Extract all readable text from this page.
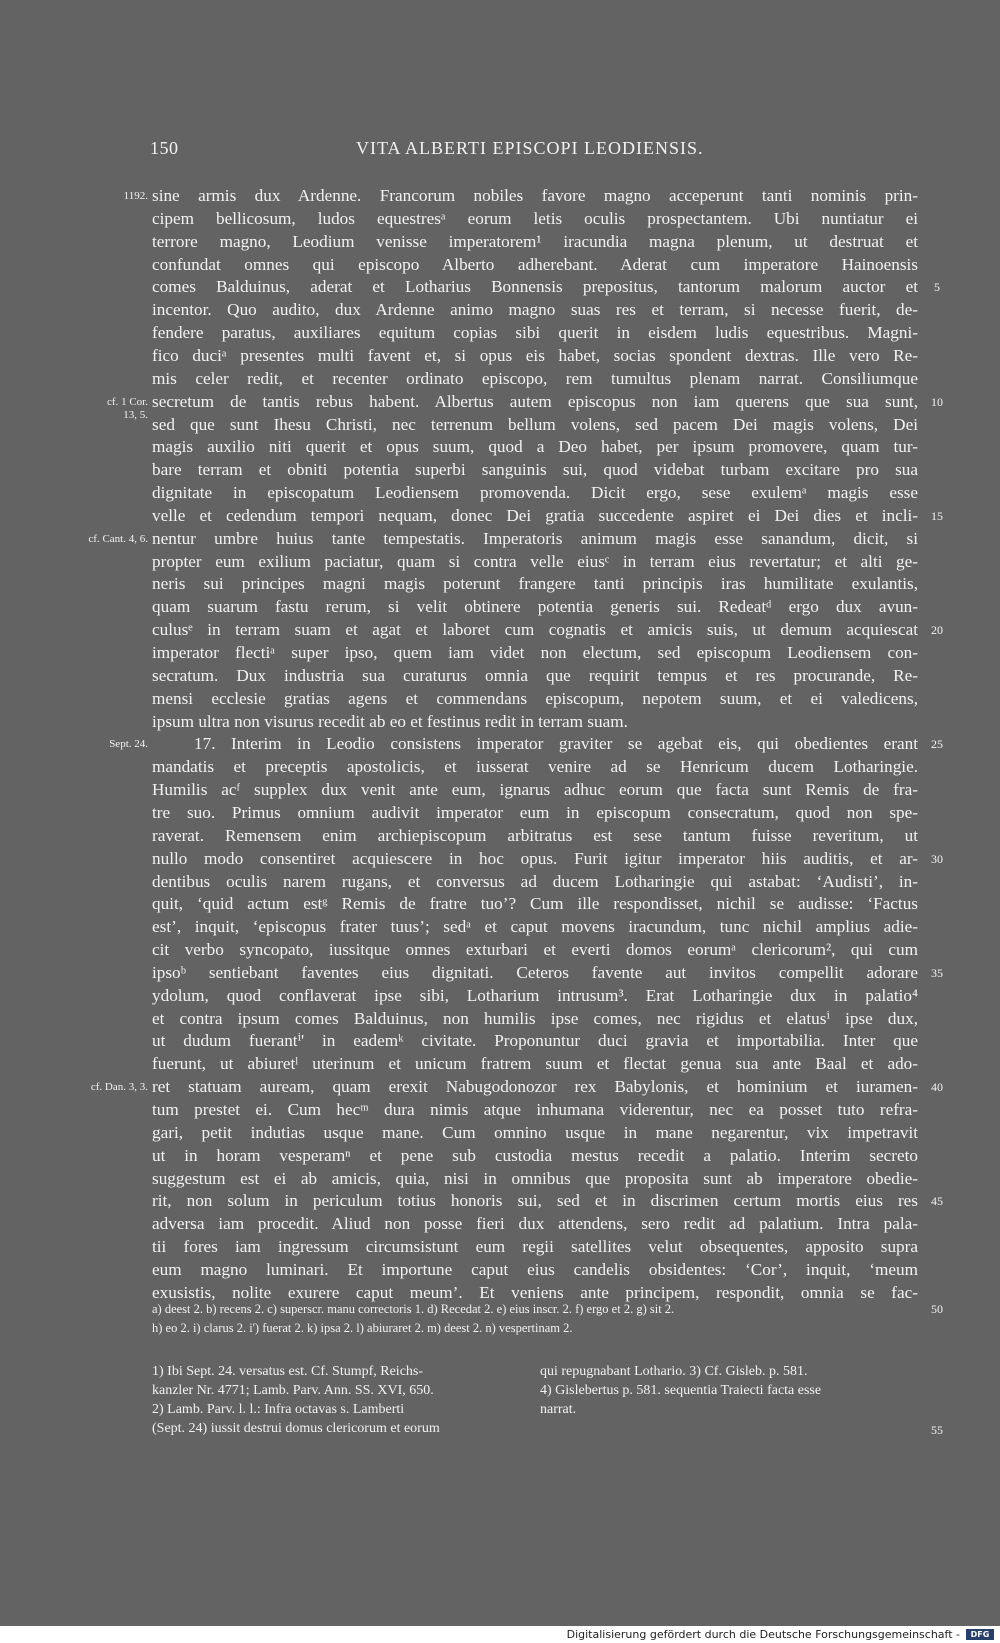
150	VITA ALBERTI EPISCOPI LEODIENSIS.
sine armis dux Ardenne. Francorum nobiles favore magno acceperunt tanti nominis prin-
cipem bellicosum, ludos equestresᵃ eorum letis oculis prospectantem. Ubi nuntiatur ei
terrore magno, Leodium venisse imperatorem¹ iracundia magna plenum, ut destruat et
confundat omnes qui episcopo Alberto adherebant. Aderat cum imperatore Hainoensis
comes Balduinus, aderat et Lotharius Bonnensis prepositus, tantorum malorum auctor et
incentor. Quo audito, dux Ardenne animo magno suas res et terram, si necesse fuerit, de-
fendere paratus, auxiliares equitum copias sibi querit in eisdem ludis equestribus. Magni-
fico duciᵃ presentes multi favent et, si opus eis habet, socias spondent dextras. Ille vero Re-
mis celer redit, et recenter ordinato episcopo, rem tumultus plenam narrat. Consiliumque
secretum de tantis rebus habent. Albertus autem episcopus non iam querens que sua sunt,
sed que sunt Ihesu Christi, nec terrenum bellum volens, sed pacem Dei magis volens, Dei
magis auxilio niti querit et opus suum, quod a Deo habet, per ipsum promovere, quam tur-
bare terram et obniti potentia superbi sanguinis sui, quod videbat turbam excitare pro sua
dignitate in episcopatum Leodiensem promovenda. Dicit ergo, sese exulemᵃ magis esse
velle et cedendum tempori nequam, donec Dei gratia succedente aspiret ei Dei dies et incli-
nentur umbre huius tante tempestatis. Imperatoris animum magis esse sanandum, dicit, si
propter eum exilium paciatur, quam si contra velle eiusᶜ in terram eius revertatur; et alti ge-
neris sui principes magni magis poterunt frangere tanti principis iras humilitate exulantis,
quam suarum fastu rerum, si velit obtinere potentia generis sui. Redeatᵈ ergo dux avun-
culusᵉ in terram suam et agat et laboret cum cognatis et amicis suis, ut demum acquiescat
imperator flectiᵃ super ipso, quem iam videt non electum, sed episcopum Leodiensem con-
secratum. Dux industria sua curaturus omnia que requirit tempus et res procurande, Re-
mensi ecclesie gratias agens et commendans episcopum, nepotem suum, et ei valedicens,
ipsum ultra non visurus recedit ab eo et festinus redit in terram suam.
17. Interim in Leodio consistens imperator graviter se agebat eis, qui obedientes erant
mandatis et preceptis apostolicis, et iusserat venire ad se Henricum ducem Lotharingie.
Humilis acᶠ supplex dux venit ante eum, ignarus adhuc eorum que facta sunt Remis de fra-
tre suo. Primus omnium audivit imperator eum in episcopum consecratum, quod non spe-
raverat. Remensem enim archiepiscopum arbitratus est sese tantum fuisse reveritum, ut
nullo modo consentiret acquiescere in hoc opus. Furit igitur imperator hiis auditis, et ar-
dentibus oculis narem rugans, et conversus ad ducem Lotharingie qui astabat: ‘Audisti’, in-
quit, ‘quid actum estᵍ Remis de fratre tuo’? Cum ille respondisset, nichil se audisse: ‘Factus
est’, inquit, ‘episcopus frater tuus’; sedᵃ et caput movens iracundum, tunc nichil amplius adie-
cit verbo syncopato, iussitque omnes exturbari et everti domos eorumᵃ clericorum², qui cum
ipsoᵇ sentiebant faventes eius dignitati. Ceteros favente aut invitos compellit adorare
ydolum, quod conflaverat ipse sibi, Lotharium intrusum³. Erat Lotharingie dux in palatio⁴
et contra ipsum comes Balduinus, non humilis ipse comes, nec rigidus et elatusⁱ ipse dux,
ut dudum fuerantⁱ' in eademᵏ civitate. Proponuntur duci gravia et importabilia. Inter que
fuerunt, ut abiuretˡ uterinum et unicum fratrem suum et flectat genua sua ante Baal et ado-
ret statuam auream, quam erexit Nabugodonozor rex Babylonis, et hominium et iuramen-
tum prestet ei. Cum hecᵐ dura nimis atque inhumana viderentur, nec ea posset tuto refra-
gari, petit indutias usque mane. Cum omnino usque in mane negarentur, vix impetravit
ut in horam vesperamⁿ et pene sub custodia mestus recedit a palatio. Interim secreto
suggestum est ei ab amicis, quia, nisi in omnibus que proposita sunt ab imperatore obedie-
rit, non solum in periculum totius honoris sui, sed et in discrimen certum mortis eius res
adversa iam procedit. Aliud non posse fieri dux attendens, sero redit ad palatium. Intra pala-
tii fores iam ingressum circumsistunt eum regii satellites velut obsequentes, apposito supra
eum magno luminari. Et importune caput eius candelis obsidentes: ‘Cor’, inquit, ‘meum
exusistis, nolite exurere caput meum’. Et veniens ante principem, respondit, omnia se fac-
1192.
cf. 1 Cor.
13, 5.
cf. Cant. 4, 6.
Sept. 24.
cf. Dan. 3, 3.
5
10
15
20
25
30
35
40
45
a) deest 2. b) recens 2. c) superscr. manu correctoris 1. d) Recedat 2. e) eius inscr. 2. f) ergo et 2. g) sit 2.
h) eo 2. i) clarus 2. i') fuerat 2. k) ipsa 2. l) abiuraret 2. m) deest 2. n) vespertinam 2.
50
1) Ibi Sept. 24. versatus est. Cf. Stumpf, Reichs-
kanzler Nr. 4771; Lamb. Parv. Ann. SS. XVI, 650.
2) Lamb. Parv. l. l.: Infra octavas s. Lamberti
(Sept. 24) iussit destrui domus clericorum et eorum
qui repugnabant Lothario. 3) Cf. Gisleb. p. 581.
4) Gislebertus p. 581. sequentia Traiecti facta esse
narrat.
55
Digitalisierung gefördert durch die Deutsche Forschungsgemeinschaft -	DFG
